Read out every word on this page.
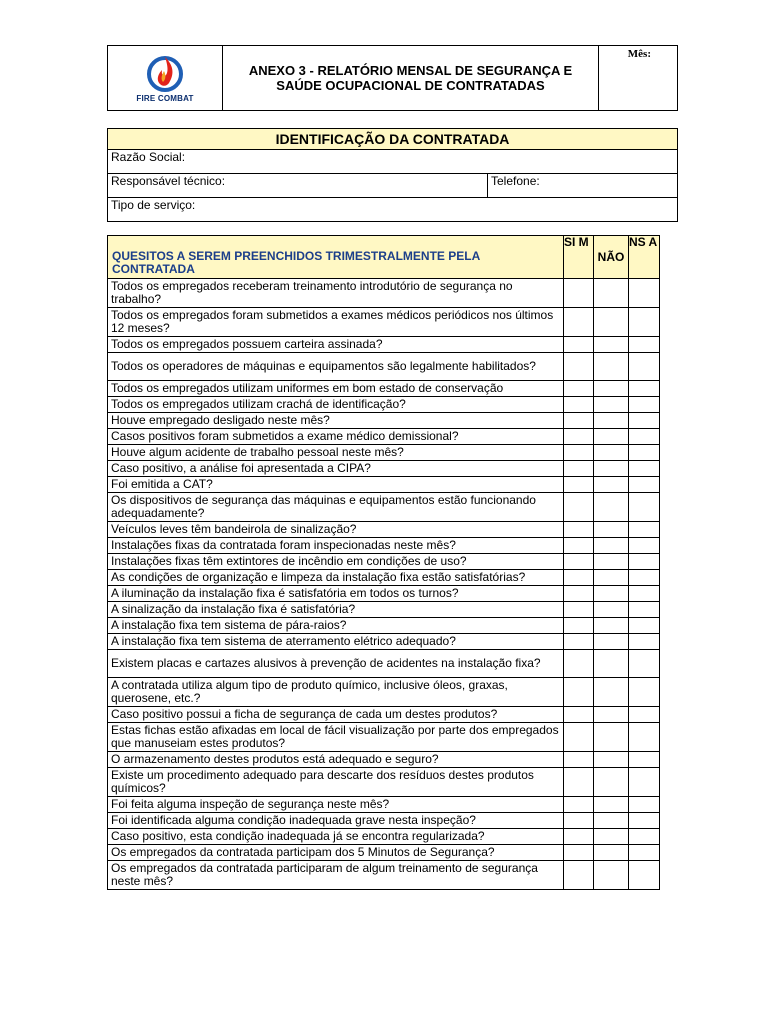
FIRE COMBAT

ANEXO 3 - RELATÓRIO MENSAL DE SEGURANÇA E
SAÚDE OCUPACIONAL DE CONTRATADAS
	Mês:
IDENTIFICAÇÃO DA CONTRATADA
Razão Social:
Responsável técnico:	Telefone:
Tipo de serviço:
QUESITOS A SEREM PREENCHIDOS TRIMESTRALMENTE PELA CONTRATADA	SI M	NÃO	NS A
Todos os empregados receberam treinamento introdutório de segurança no trabalho?			
Todos os empregados foram submetidos a exames médicos periódicos nos últimos 12 meses?			
Todos os empregados possuem carteira assinada?			
Todos os operadores de máquinas e equipamentos são legalmente habilitados?			
Todos os empregados utilizam uniformes em bom estado de conservação			
Todos os empregados utilizam crachá de identificação?			
Houve empregado desligado neste mês?			
Casos positivos foram submetidos a exame médico demissional?			
Houve algum acidente de trabalho pessoal neste mês?			
Caso positivo, a análise foi apresentada a CIPA?			
Foi emitida a CAT?			
Os dispositivos de segurança das máquinas e equipamentos estão funcionando adequadamente?			
Veículos leves têm bandeirola de sinalização?			
Instalações fixas da contratada foram inspecionadas neste mês?			
Instalações fixas têm extintores de incêndio em condições de uso?			
As condições de organização e limpeza da instalação fixa estão satisfatórias?			
A iluminação da instalação fixa é satisfatória em todos os turnos?			
A sinalização da instalação fixa é satisfatória?			
A instalação fixa tem sistema de pára-raios?			
A instalação fixa tem sistema de aterramento elétrico adequado?			
Existem placas e cartazes alusivos à prevenção de acidentes na instalação fixa?			
A contratada utiliza algum tipo de produto químico, inclusive óleos, graxas, querosene, etc.?			
Caso positivo possui a ficha de segurança de cada um destes produtos?			
Estas fichas estão afixadas em local de fácil visualização por parte dos empregados que manuseiam estes produtos?			
O armazenamento destes produtos está adequado e seguro?			
Existe um procedimento adequado para descarte dos resíduos destes produtos químicos?			
Foi feita alguma inspeção de segurança neste mês?			
Foi identificada alguma condição inadequada grave nesta inspeção?			
Caso positivo, esta condição inadequada já se encontra regularizada?			
Os empregados da contratada participam dos 5 Minutos de Segurança?			
Os empregados da contratada participaram de algum treinamento de segurança neste mês?			
